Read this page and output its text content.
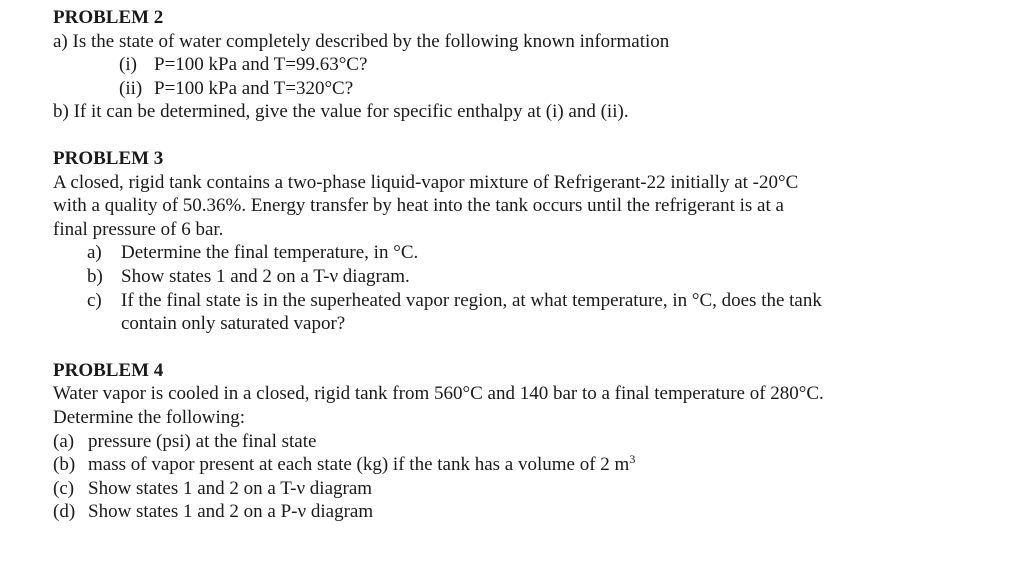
PROBLEM 2
a) Is the state of water completely described by the following known information
(i) P=100 kPa and T=99.63°C?
(ii) P=100 kPa and T=320°C?
b) If it can be determined, give the value for specific enthalpy at (i) and (ii).
PROBLEM 3
A closed, rigid tank contains a two-phase liquid-vapor mixture of Refrigerant-22 initially at -20°C
with a quality of 50.36%. Energy transfer by heat into the tank occurs until the refrigerant is at a
final pressure of 6 bar.
a)	Determine the final temperature, in °C.
b) Show states 1 and 2 on a T-ν diagram.
c)	If the final state is in the superheated vapor region, at what temperature, in °C, does the tank
contain only saturated vapor?
PROBLEM 4
Water vapor is cooled in a closed, rigid tank from 560°C and 140 bar to a final temperature of 280°C.
Determine the following:
(a) pressure (psi) at the final state
(b) mass of vapor present at each state (kg) if the tank has a volume of 2 $m^3$
(c) Show states 1 and 2 on a T-ν diagram
(d) Show states 1 and 2 on a P-ν diagram
